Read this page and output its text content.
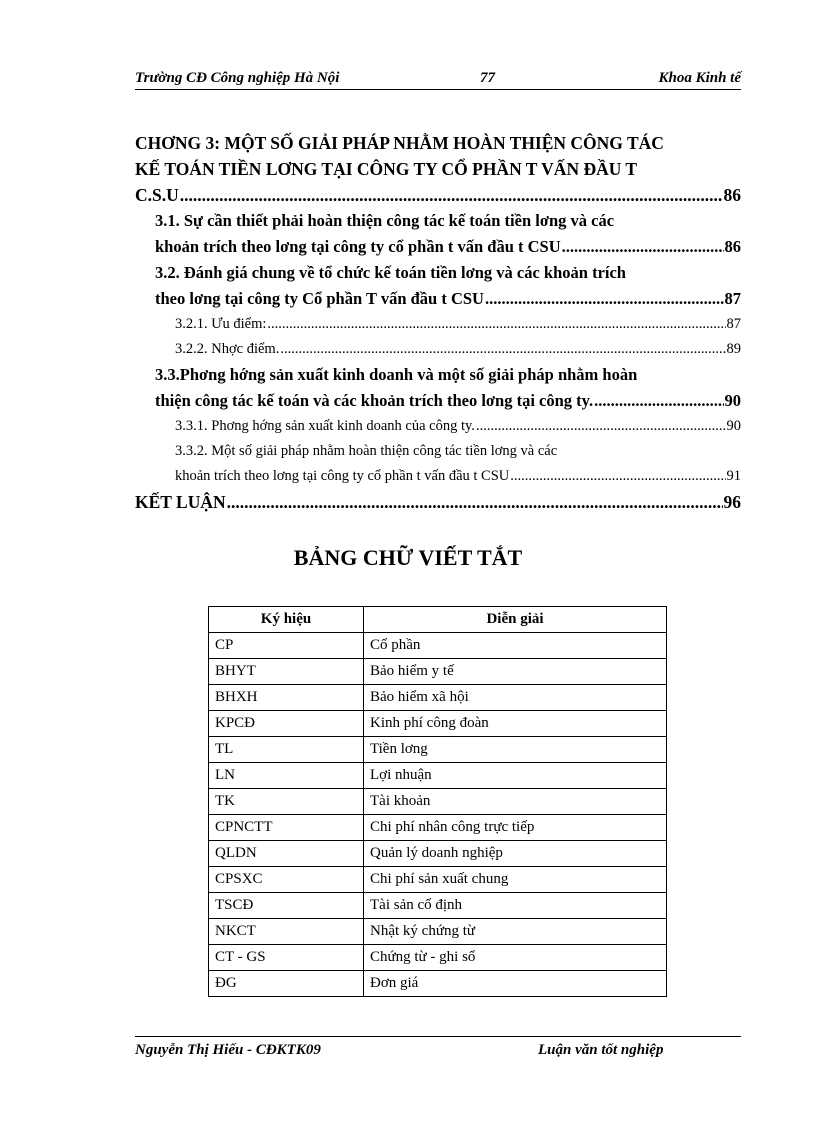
Trường CĐ Công nghiệp Hà Nội	77	Khoa Kinh tế
CHƠNG 3: MỘT SỐ GIẢI PHÁP NHẰM HOÀN THIỆN CÔNG TÁC
KẾ TOÁN TIỀN LƠNG TẠI CÔNG TY CỔ PHẦN T VẤN ĐẦU T
C.S.U .....	86
3.1. Sự cần thiết phải hoàn thiện công tác kế toán tiền lơng và các
khoản trích theo lơng tại công ty cổ phần t vấn đầu t CSU .....	86
3.2. Đánh giá chung về tổ chức kế toán tiền lơng và các khoản trích
theo lơng tại công ty Cổ phần T vấn đầu t CSU .....	87
3.2.1. Ưu điểm: .....	87
3.2.2. Nhợc điểm. .....	89
3.3.Phơng hớng sản xuất kinh doanh và một số giải pháp nhằm hoàn
thiện công tác kế toán và các khoản trích theo lơng tại công ty. .....	90
3.3.1. Phơng hớng sản xuất kinh doanh của công ty. .....	90
3.3.2. Một số giải pháp nhằm hoàn thiện công tác tiền lơng và các
khoản trích theo lơng tại công ty cổ phần t vấn đầu t CSU .....	91
KẾT LUẬN .....	96
BẢNG CHỮ VIẾT TẮT
Ký hiệu	Diễn giải
CP	Cổ phần
BHYT	Bảo hiểm y tế
BHXH	Bảo hiểm xã hội
KPCĐ	Kinh phí công đoàn
TL	Tiền lơng
LN	Lợi nhuận
TK	Tài khoản
CPNCTT	Chi phí nhân công trực tiếp
QLDN	Quản lý doanh nghiệp
CPSXC	Chi phí sản xuất chung
TSCĐ	Tài sản cố định
NKCT	Nhật ký chứng từ
CT - GS	Chứng từ - ghi sổ
ĐG	Đơn giá
Nguyễn Thị Hiếu - CĐKTK09	Luận văn tốt nghiệp
